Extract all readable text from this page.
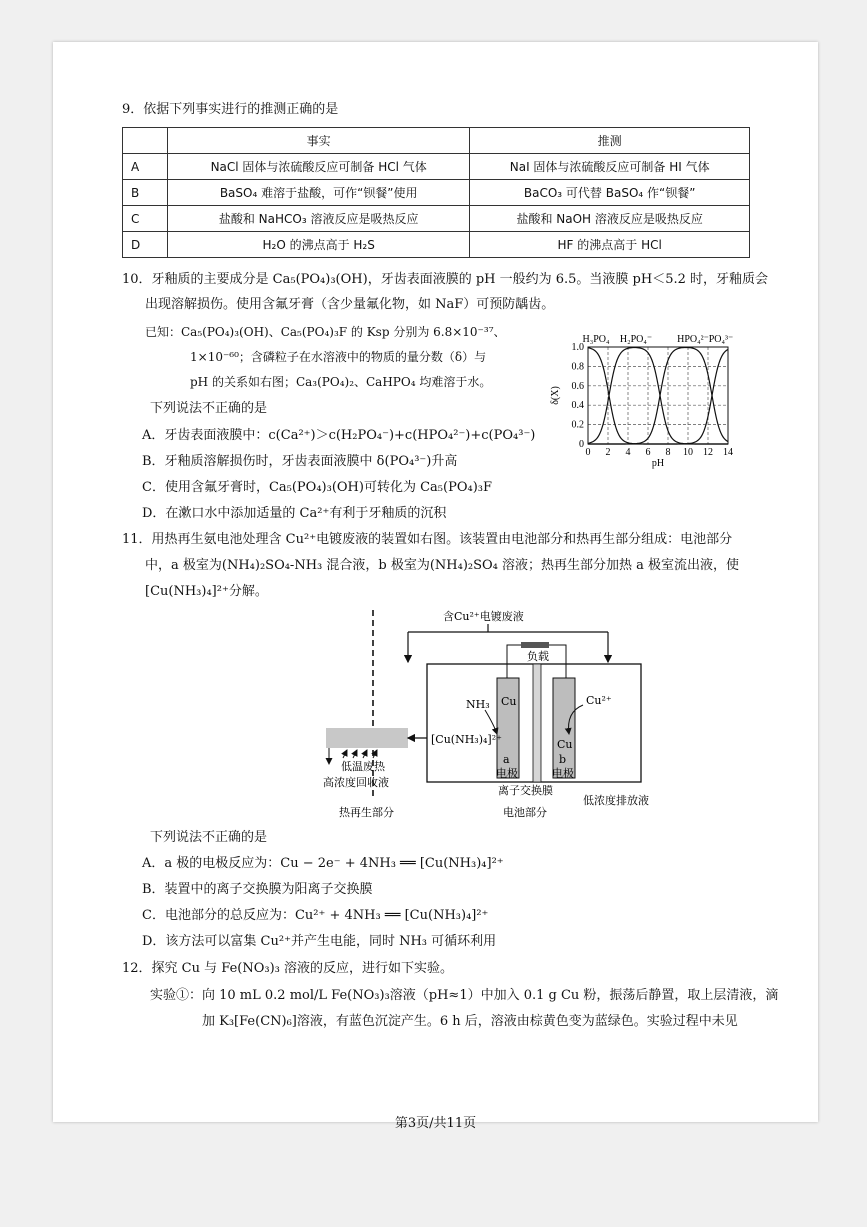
9．依据下列事实进行的推测正确的是
	事实	推测
A	NaCl 固体与浓硫酸反应可制备 HCl 气体	NaI 固体与浓硫酸反应可制备 HI 气体
B	BaSO₄ 难溶于盐酸，可作“钡餐”使用	BaCO₃ 可代替 BaSO₄ 作“钡餐”
C	盐酸和 NaHCO₃ 溶液反应是吸热反应	盐酸和 NaOH 溶液反应是吸热反应
D	H₂O 的沸点高于 H₂S	HF 的沸点高于 HCl
10．牙釉质的主要成分是 Ca₅(PO₄)₃(OH)，牙齿表面液膜的 pH 一般约为 6.5。当液膜 pH＜5.2 时，牙釉质会
出现溶解损伤。使用含氟牙膏（含少量氟化物，如 NaF）可预防龋齿。
已知：Ca₅(PO₄)₃(OH)、Ca₅(PO₄)₃F 的 Ksp 分别为 6.8×10⁻³⁷、
1×10⁻⁶⁰；含磷粒子在水溶液中的物质的量分数（δ）与
pH 的关系如右图；Ca₃(PO₄)₂、CaHPO₄ 均难溶于水。
下列说法不正确的是
A．牙齿表面液膜中：c(Ca²⁺)＞c(H₂PO₄⁻)+c(HPO₄²⁻)+c(PO₄³⁻)
B．牙釉质溶解损伤时，牙齿表面液膜中 δ(PO₄³⁻)升高
C．使用含氟牙膏时，Ca₅(PO₄)₃(OH)可转化为 Ca₅(PO₄)₃F
D．在漱口水中添加适量的 Ca²⁺有利于牙釉质的沉积
0 2 4 6 8 10 12 14
0
0.2
0.4
0.6
0.8
1.0
pH
δ(X)
H₃PO₄ H₂PO₄⁻ HPO₄²⁻ PO₄³⁻
11．用热再生氨电池处理含 Cu²⁺电镀废液的装置如右图。该装置由电池部分和热再生部分组成：电池部分
中，a 极室为(NH₄)₂SO₄-NH₃ 混合液，b 极室为(NH₄)₂SO₄ 溶液；热再生部分加热 a 极室流出液，使
[Cu(NH₃)₄]²⁺分解。
含Cu²⁺电镀废液
负载
NH₃ Cu
[Cu(NH₃)₄]²⁺
Cu²⁺
Cu
a
电极
b
电极
低温废热
高浓度回收液
离子交换膜
低浓度排放液
热再生部分	电池部分
下列说法不正确的是
A．a 极的电极反应为：Cu − 2e⁻ + 4NH₃ ══ [Cu(NH₃)₄]²⁺
B．装置中的离子交换膜为阳离子交换膜
C．电池部分的总反应为：Cu²⁺ + 4NH₃ ══ [Cu(NH₃)₄]²⁺
D．该方法可以富集 Cu²⁺并产生电能，同时 NH₃ 可循环利用
12．探究 Cu 与 Fe(NO₃)₃ 溶液的反应，进行如下实验。
实验①：向 10 mL 0.2 mol/L Fe(NO₃)₃溶液（pH≈1）中加入 0.1 g Cu 粉，振荡后静置，取上层清液，滴
加 K₃[Fe(CN)₆]溶液，有蓝色沉淀产生。6 h 后，溶液由棕黄色变为蓝绿色。实验过程中未见
第3页/共11页
